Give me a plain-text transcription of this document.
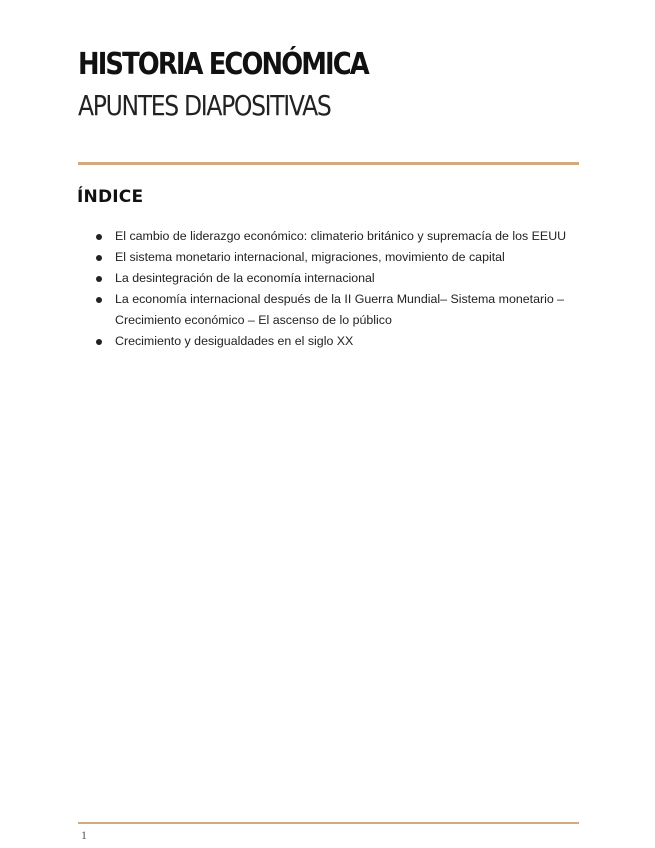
HISTORIA ECONÓMICA
APUNTES DIAPOSITIVAS
ÍNDICE
El cambio de liderazgo económico: climaterio británico y supremacía de los EEUU
El sistema monetario internacional, migraciones, movimiento de capital
La desintegración de la economía internacional
La economía internacional después de la II Guerra Mundial– Sistema monetario –
Crecimiento económico – El ascenso de lo público
Crecimiento y desigualdades en el siglo XX
1
